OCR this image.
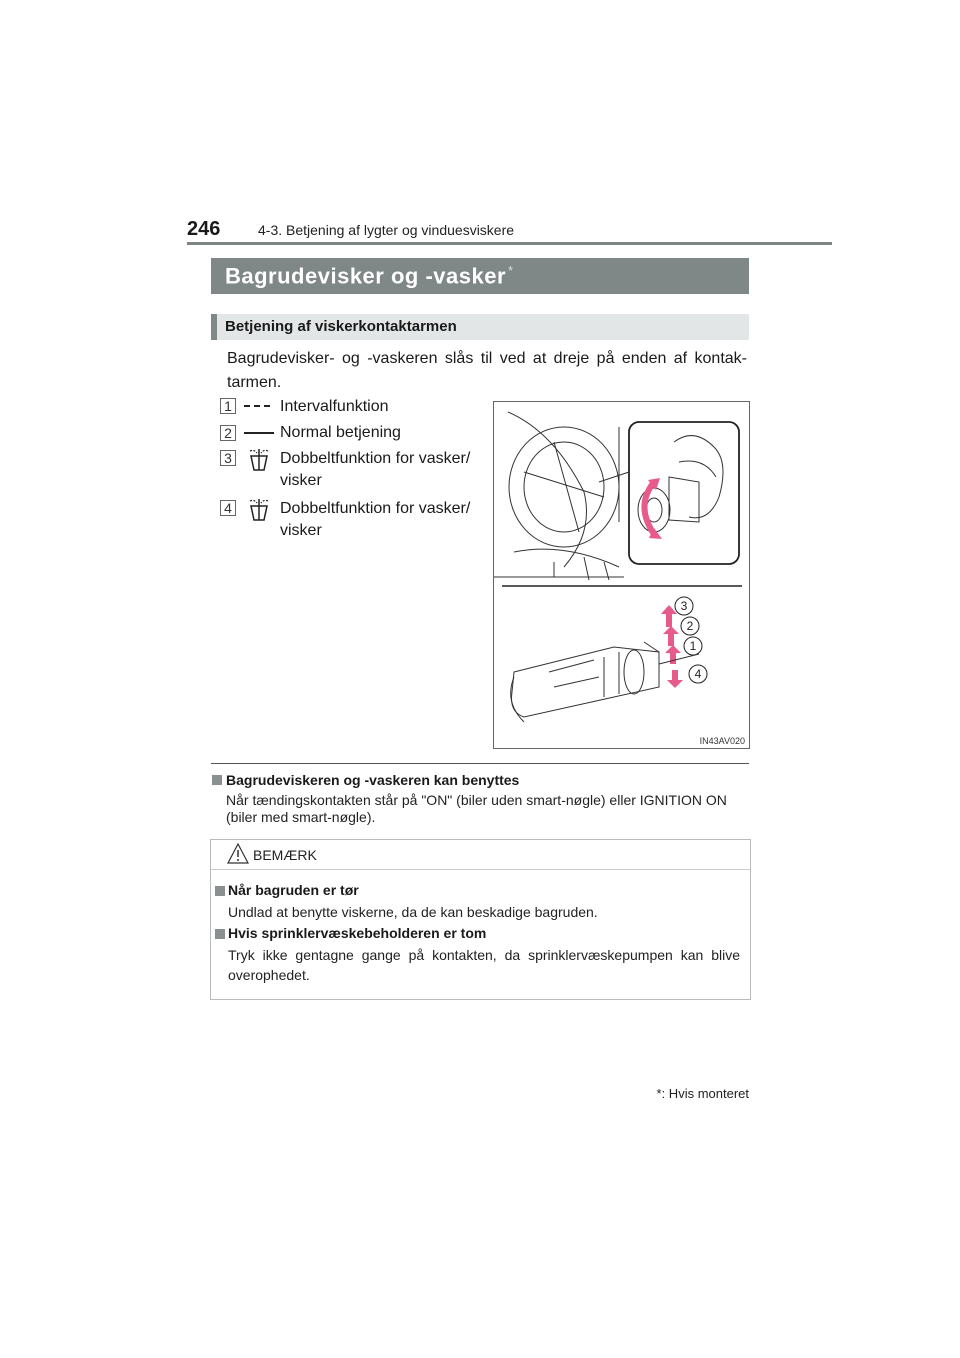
246	4-3. Betjening af lygter og vinduesviskere
Bagrudevisker og -vasker *
Betjening af viskerkontaktarmen
Bagrudevisker- og -vaskeren slås til ved at dreje på enden af kontak-tarmen.
1	Intervalfunktion
2	Normal betjening
3	Dobbeltfunktion for vasker/ visker
4	Dobbeltfunktion for vasker/ visker
3
2
1
4
IN43AV020
Bagrudeviskeren og -vaskeren kan benyttes
Når tændingskontakten står på "ON" (biler uden smart-nøgle) eller IGNITION ON (biler med smart-nøgle).
BEMÆRK
Når bagruden er tør
Undlad at benytte viskerne, da de kan beskadige bagruden.
Hvis sprinklervæskebeholderen er tom
Tryk ikke gentagne gange på kontakten, da sprinklervæskepumpen kan blive overophedet.
*: Hvis monteret
